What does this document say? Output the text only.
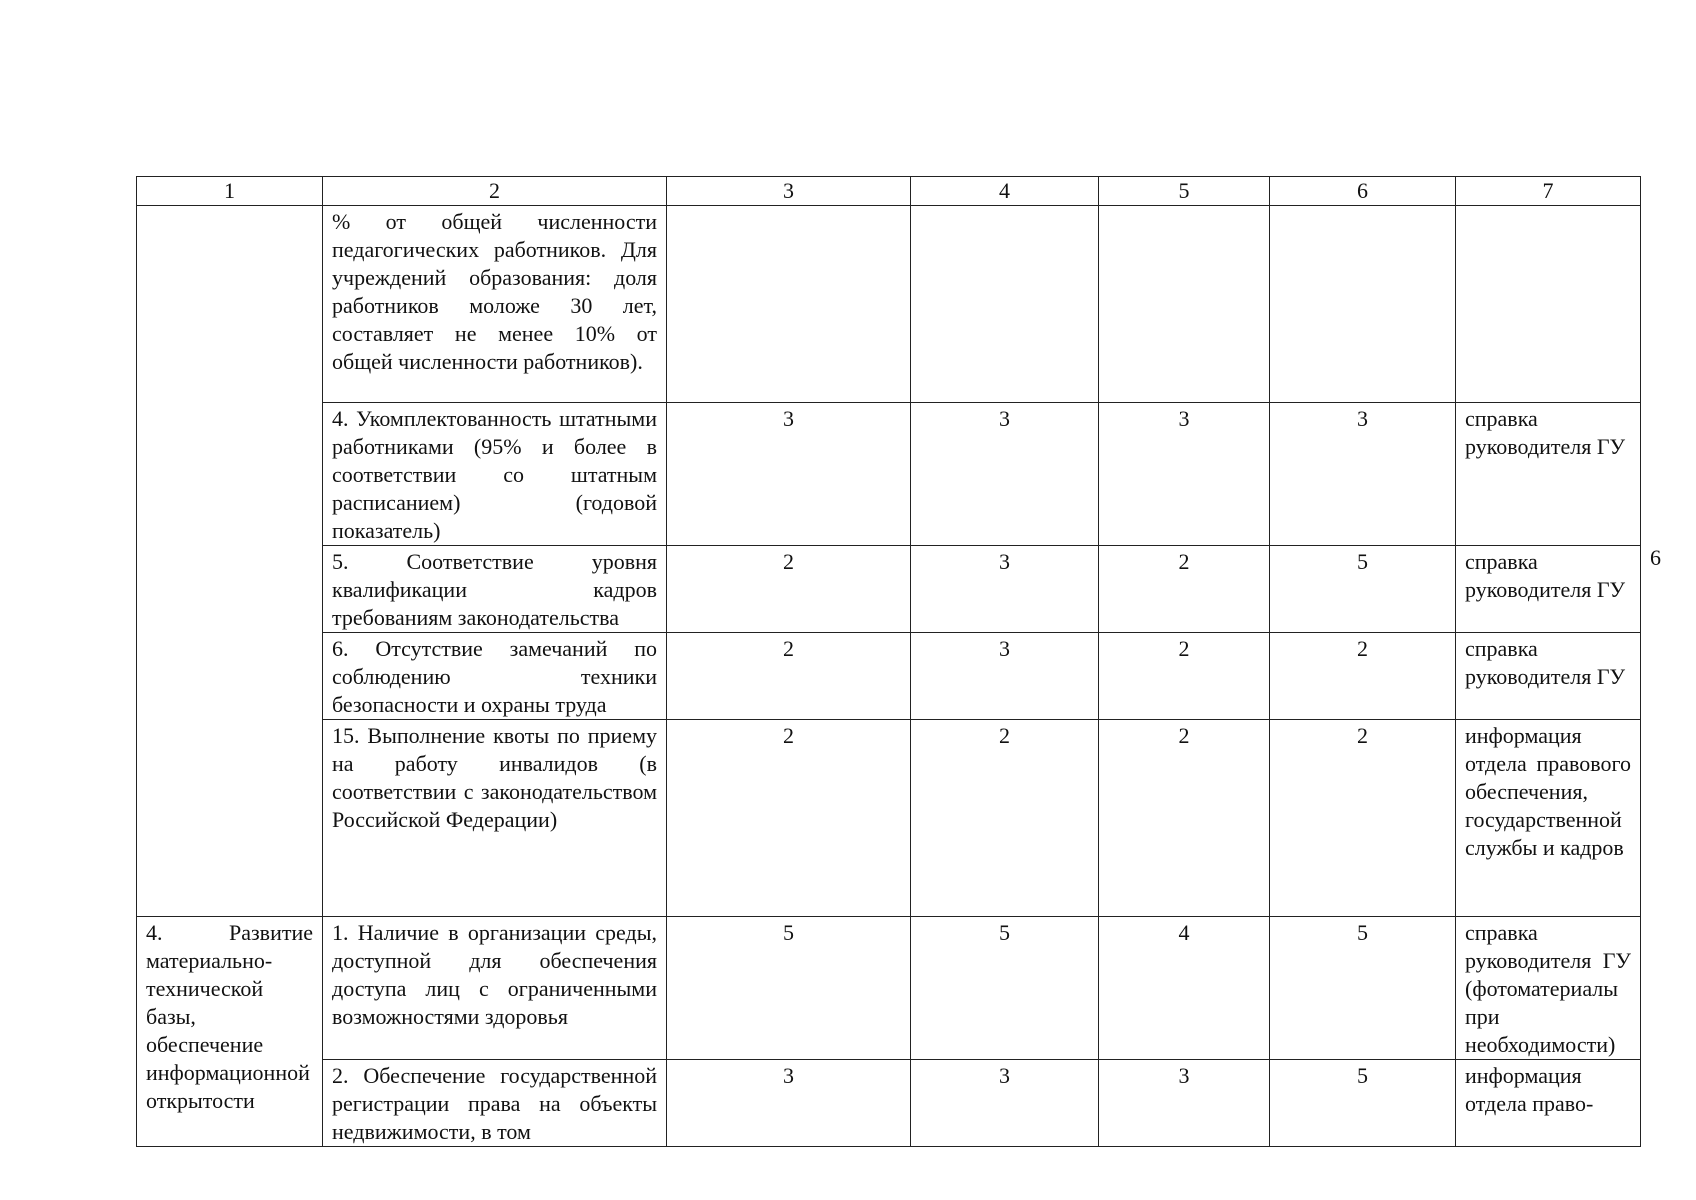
6
1	2	3	4	5	6	7
	% от общей численности педагогических работников. Для учреждений образования: доля работников моложе 30 лет, составляет не менее 10% от общей численности работников).					
	4. Укомплектованность штатными работниками (95% и более в соответствии со штатным расписанием) (годовой показатель)	3	3	3	3	справка руководителя ГУ
	5. Соответствие уровня квалификации кадров требованиям законодательства	2	3	2	5	справка руководителя ГУ
	6. Отсутствие замечаний по соблюдению техники безопасности и охраны труда	2	3	2	2	справка руководителя ГУ
	15. Выполнение квоты по приему на работу инвалидов (в соответствии с законодательством Российской Федерации)	2	2	2	2	информация отдела правового обеспечения, государственной службы и кадров
4. Развитие материально-технической базы, обеспечение информационной открытости	1. Наличие в организации среды, доступной для обеспечения доступа лиц с ограниченными возможностями здоровья	5	5	4	5	справка руководителя ГУ (фотоматериалы при необходимости)
	2. Обеспечение государственной регистрации права на объекты недвижимости, в том	3	3	3	5	информация отдела право-
